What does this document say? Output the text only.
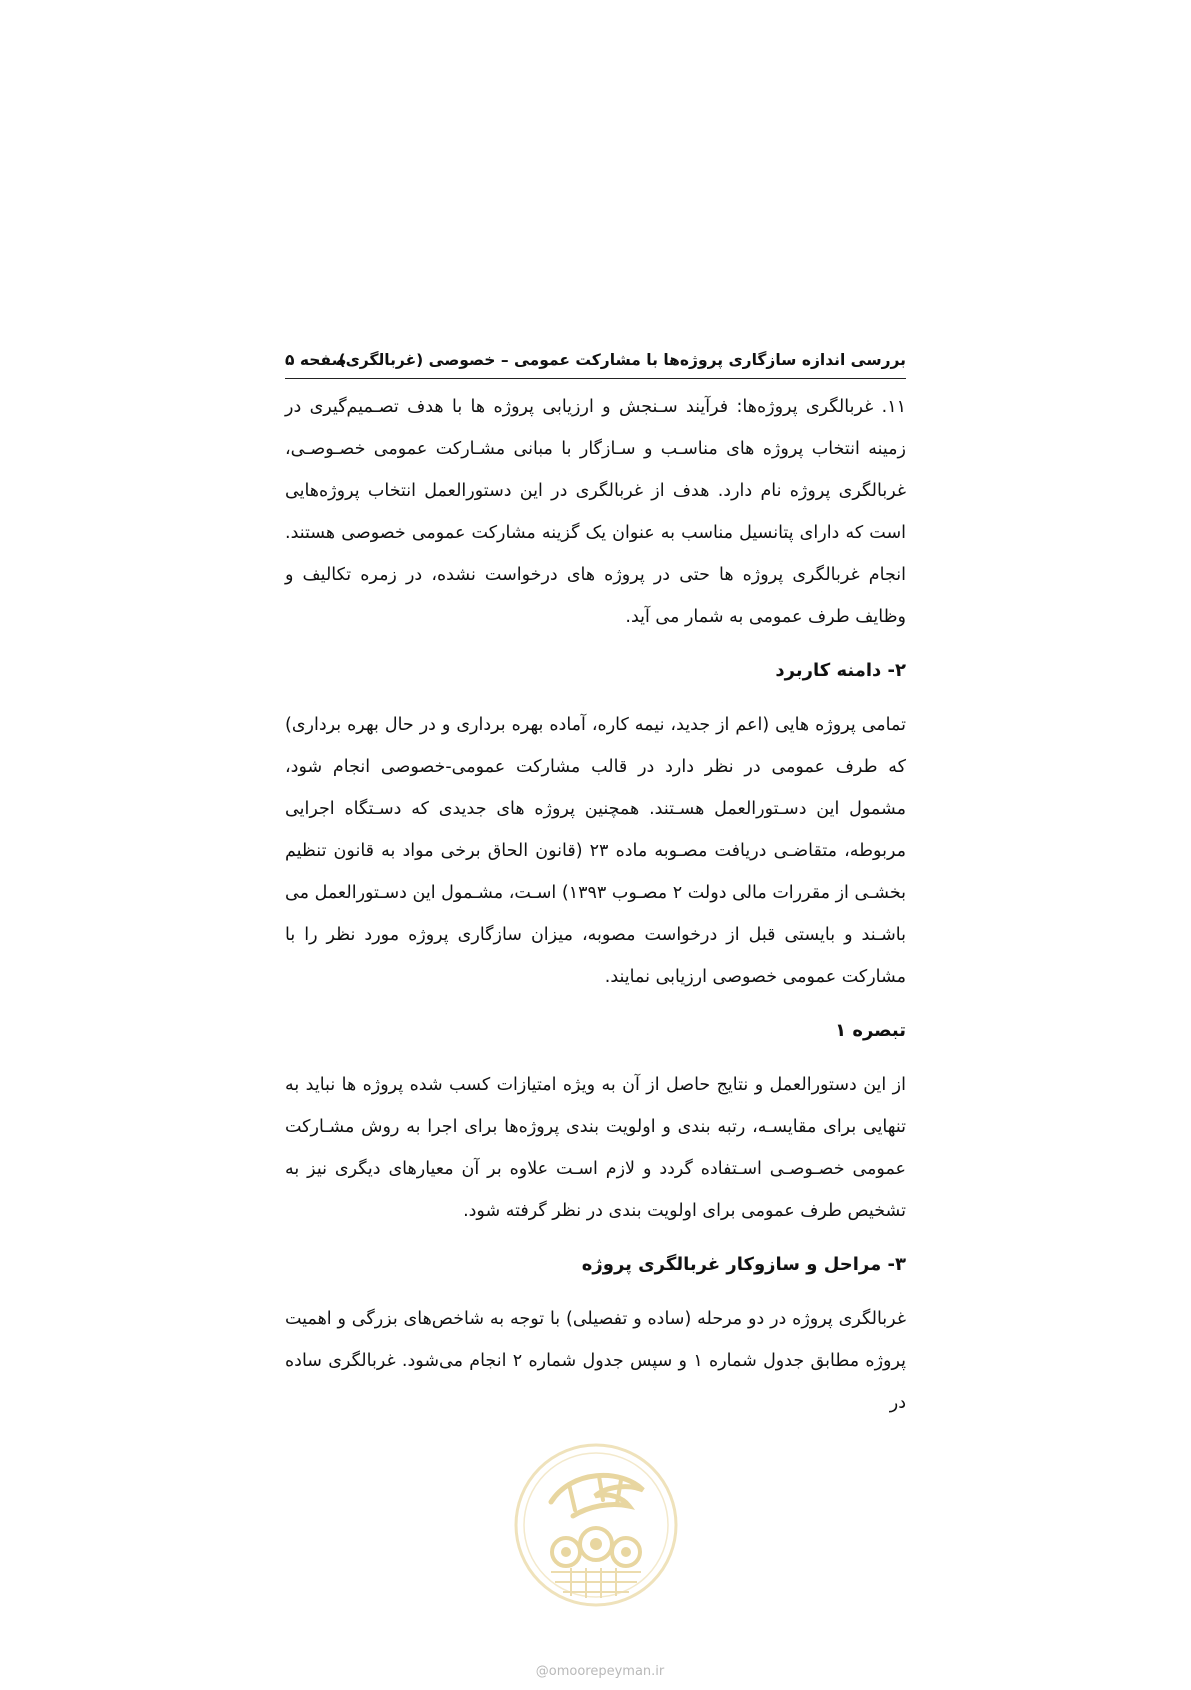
بررسی اندازه سازگاری پروژه‌ها با مشارکت عمومی – خصوصی (غربالگری)
صفحه ۵

۱۱. غربالگری پروژه‌ها: فرآیند سـنجش و ارزیابی پروژه ها با هدف تصـمیم‌گیری در زمینه انتخاب پروژه های مناسـب و سـازگار با مبانی مشـارکت عمومی خصـوصـی، غربالگری پروژه نام دارد. هدف از غربالگری در این دستورالعمل انتخاب پروژه‌هایی است که دارای پتانسیل مناسب به عنوان یک گزینه مشارکت عمومی خصوصی هستند. انجام غربالگری پروژه ها حتی در پروژه های درخواست نشده، در زمره تکالیف و وظایف طرف عمومی به شمار می آید.

۲- دامنه کاربرد

تمامی پروژه هایی (اعم از جدید، نیمه کاره، آماده بهره برداری و در حال بهره برداری) که طرف عمومی در نظر دارد در قالب مشارکت عمومی-خصوصی انجام شود، مشمول این دسـتورالعمل هسـتند. همچنین پروژه های جدیدی که دسـتگاه اجرایی مربوطه، متقاضـی دریافت مصـوبه ماده ۲۳ (قانون الحاق برخی مواد به قانون تنظیم بخشـی از مقررات مالی دولت ۲ مصـوب ۱۳۹۳) اسـت، مشـمول این دسـتورالعمل می باشـند و بایستی قبل از درخواست مصوبه، میزان سازگاری پروژه مورد نظر را با مشارکت عمومی خصوصی ارزیابی نمایند.

تبصره ۱

از این دستورالعمل و نتایج حاصل از آن به ویژه امتیازات کسب شده پروژه ها نباید به تنهایی برای مقایسـه، رتبه بندی و اولویت بندی پروژه‌ها برای اجرا به روش مشـارکت عمومی خصـوصـی اسـتفاده گردد و لازم اسـت علاوه بر آن معیارهای دیگری نیز به تشخیص طرف عمومی برای اولویت بندی در نظر گرفته شود.

۳- مراحل و سازوکار غربالگری پروژه

غربالگری پروژه در دو مرحله (ساده و تفصیلی) با توجه به شاخص‌های بزرگی و اهمیت پروژه مطابق جدول شماره ۱ و سپس جدول شماره ۲ انجام می‌شود. غربالگری ساده در

@omoorepeyman.ir
